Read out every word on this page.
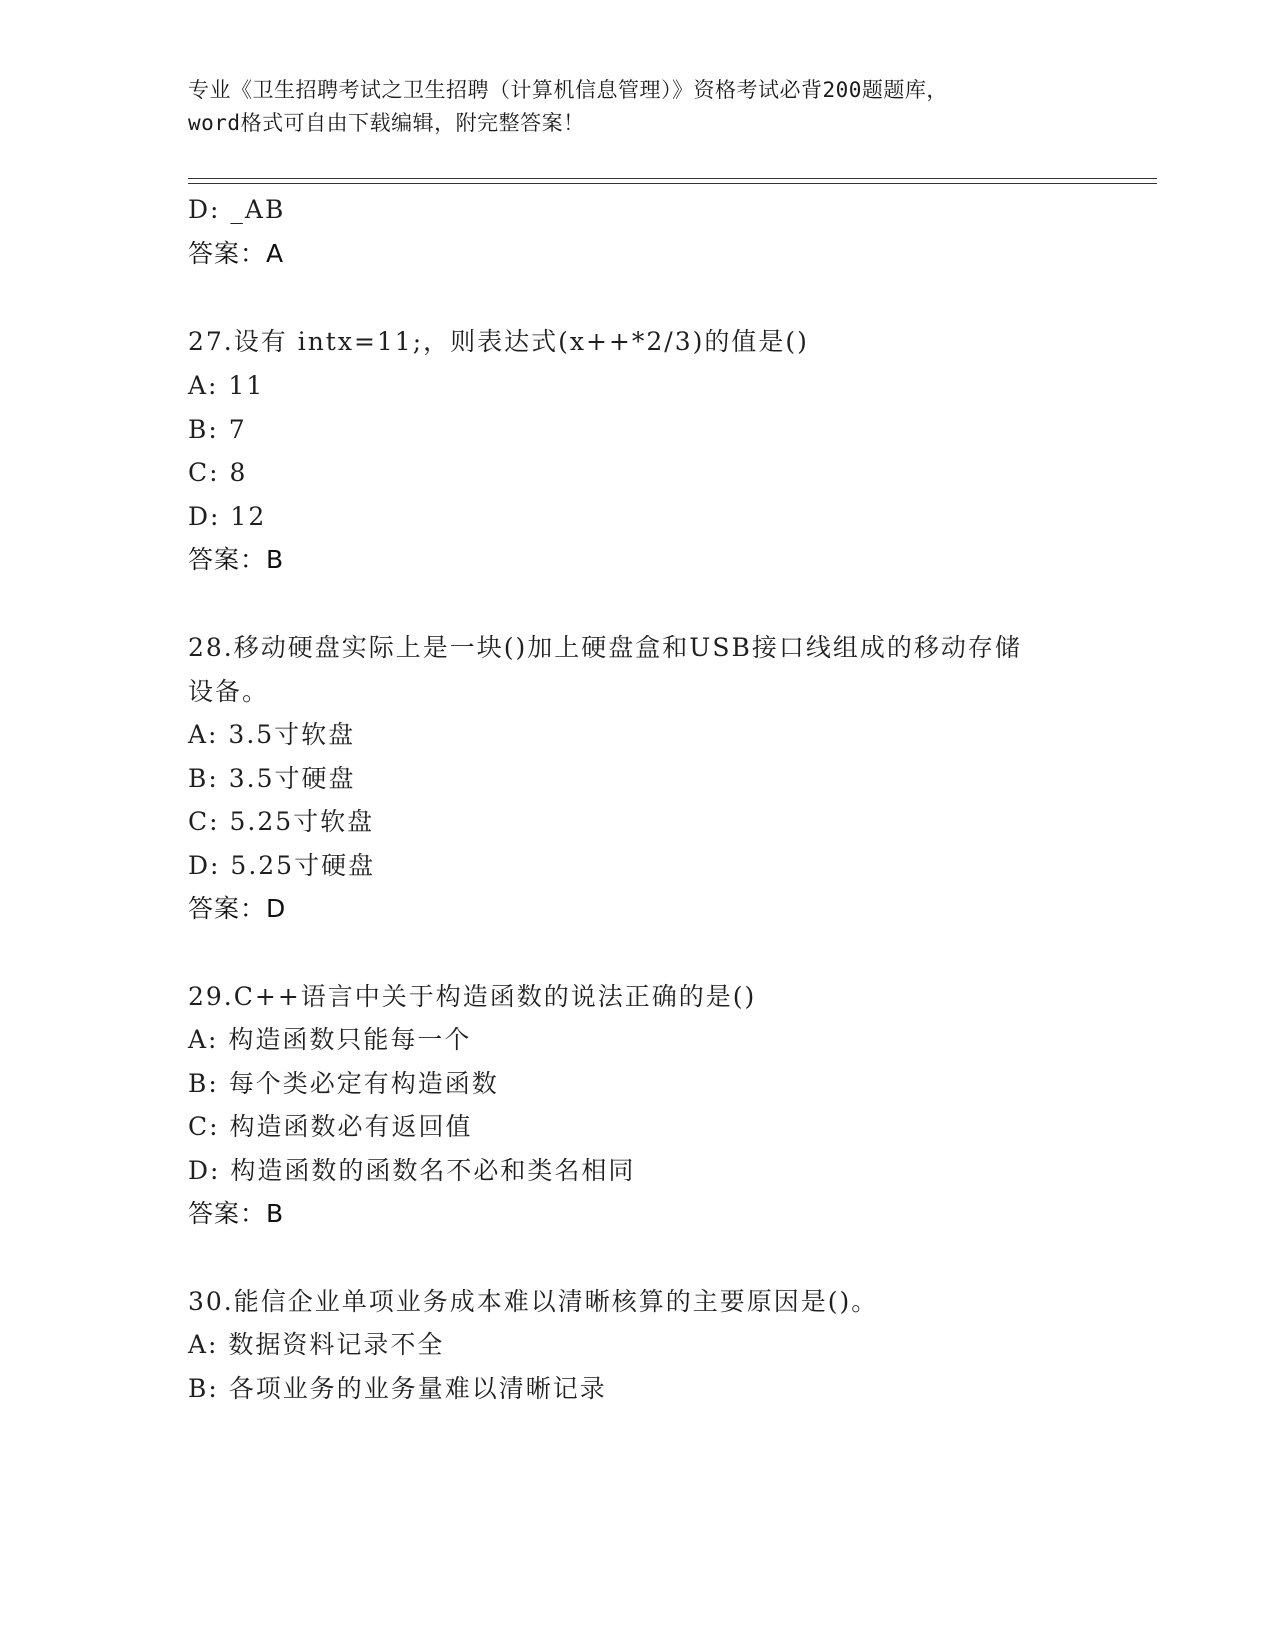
专业《卫生招聘考试之卫生招聘（计算机信息管理）》资格考试必背200题题库，
word格式可自由下载编辑，附完整答案！
D: _AB
答案：A
27.设有 intx=11;，则表达式(x++*2/3)的值是()
A: 11
B: 7
C: 8
D: 12
答案：B
28.移动硬盘实际上是一块()加上硬盘盒和USB接口线组成的移动存储
设备。
A: 3.5寸软盘
B: 3.5寸硬盘
C: 5.25寸软盘
D: 5.25寸硬盘
答案：D
29.C++语言中关于构造函数的说法正确的是()
A: 构造函数只能每一个
B: 每个类必定有构造函数
C: 构造函数必有返回值
D: 构造函数的函数名不必和类名相同
答案：B
30.能信企业单项业务成本难以清晰核算的主要原因是()。
A: 数据资料记录不全
B: 各项业务的业务量难以清晰记录
